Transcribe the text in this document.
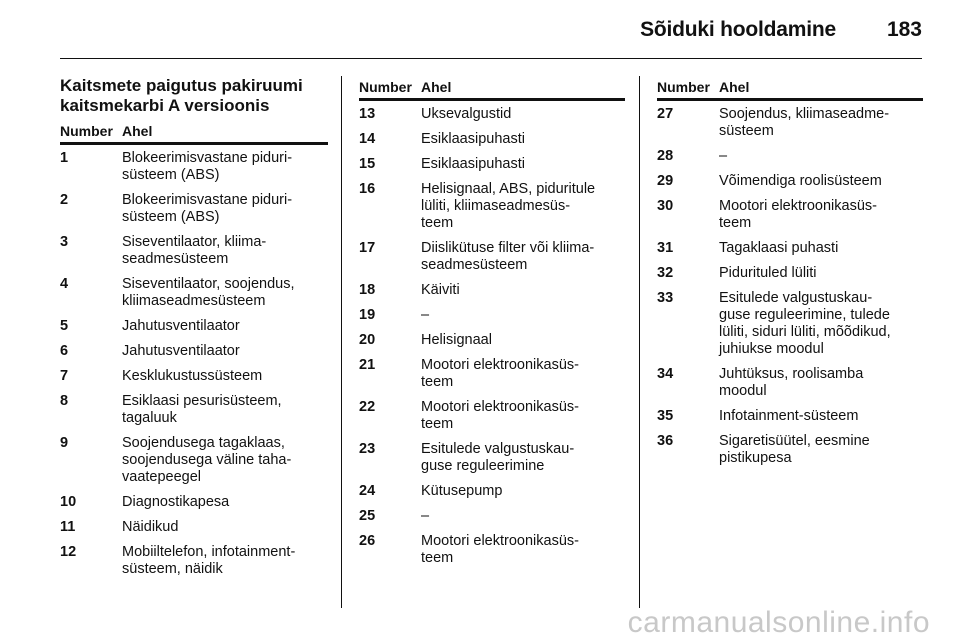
Sõiduki hooldamine 183
Kaitsmete paigutus pakiruumi
kaitsmekarbi A versioonis
Number Ahel
1	Blokeerimisvastane piduri-
süsteem (ABS)
2	Blokeerimisvastane piduri-
süsteem (ABS)
3	Siseventilaator, kliima-
seadmesüsteem
4	Siseventilaator, soojendus,
kliimaseadmesüsteem
5	Jahutusventilaator
6	Jahutusventilaator
7	Kesklukustussüsteem
8	Esiklaasi pesurisüsteem,
tagaluuk
9	Soojendusega tagaklaas,
soojendusega väline taha-
vaatepeegel
10	Diagnostikapesa
11	Näidikud
12	Mobiiltelefon, infotainment-
süsteem, näidik
Number Ahel
13	Uksevalgustid
14	Esiklaasipuhasti
15	Esiklaasipuhasti
16	Helisignaal, ABS, piduritule
lüliti, kliimaseadmesüs-
teem
17	Diislikütuse filter või kliima-
seadmesüsteem
18	Käiviti
19	–
20	Helisignaal
21	Mootori elektroonikasüs-
teem
22	Mootori elektroonikasüs-
teem
23	Esitulede valgustuskau-
guse reguleerimine
24	Kütusepump
25	–
26	Mootori elektroonikasüs-
teem
Number Ahel
27	Soojendus, kliimaseadme-
süsteem
28	–
29	Võimendiga roolisüsteem
30	Mootori elektroonikasüs-
teem
31	Tagaklaasi puhasti
32	Pidurituled lüliti
33	Esitulede valgustuskau-
guse reguleerimine, tulede
lüliti, siduri lüliti, mõõdikud,
juhiukse moodul
34	Juhtüksus, roolisamba
moodul
35	Infotainment-süsteem
36	Sigaretisüütel, eesmine
pistikupesa
carmanualsonline.info
